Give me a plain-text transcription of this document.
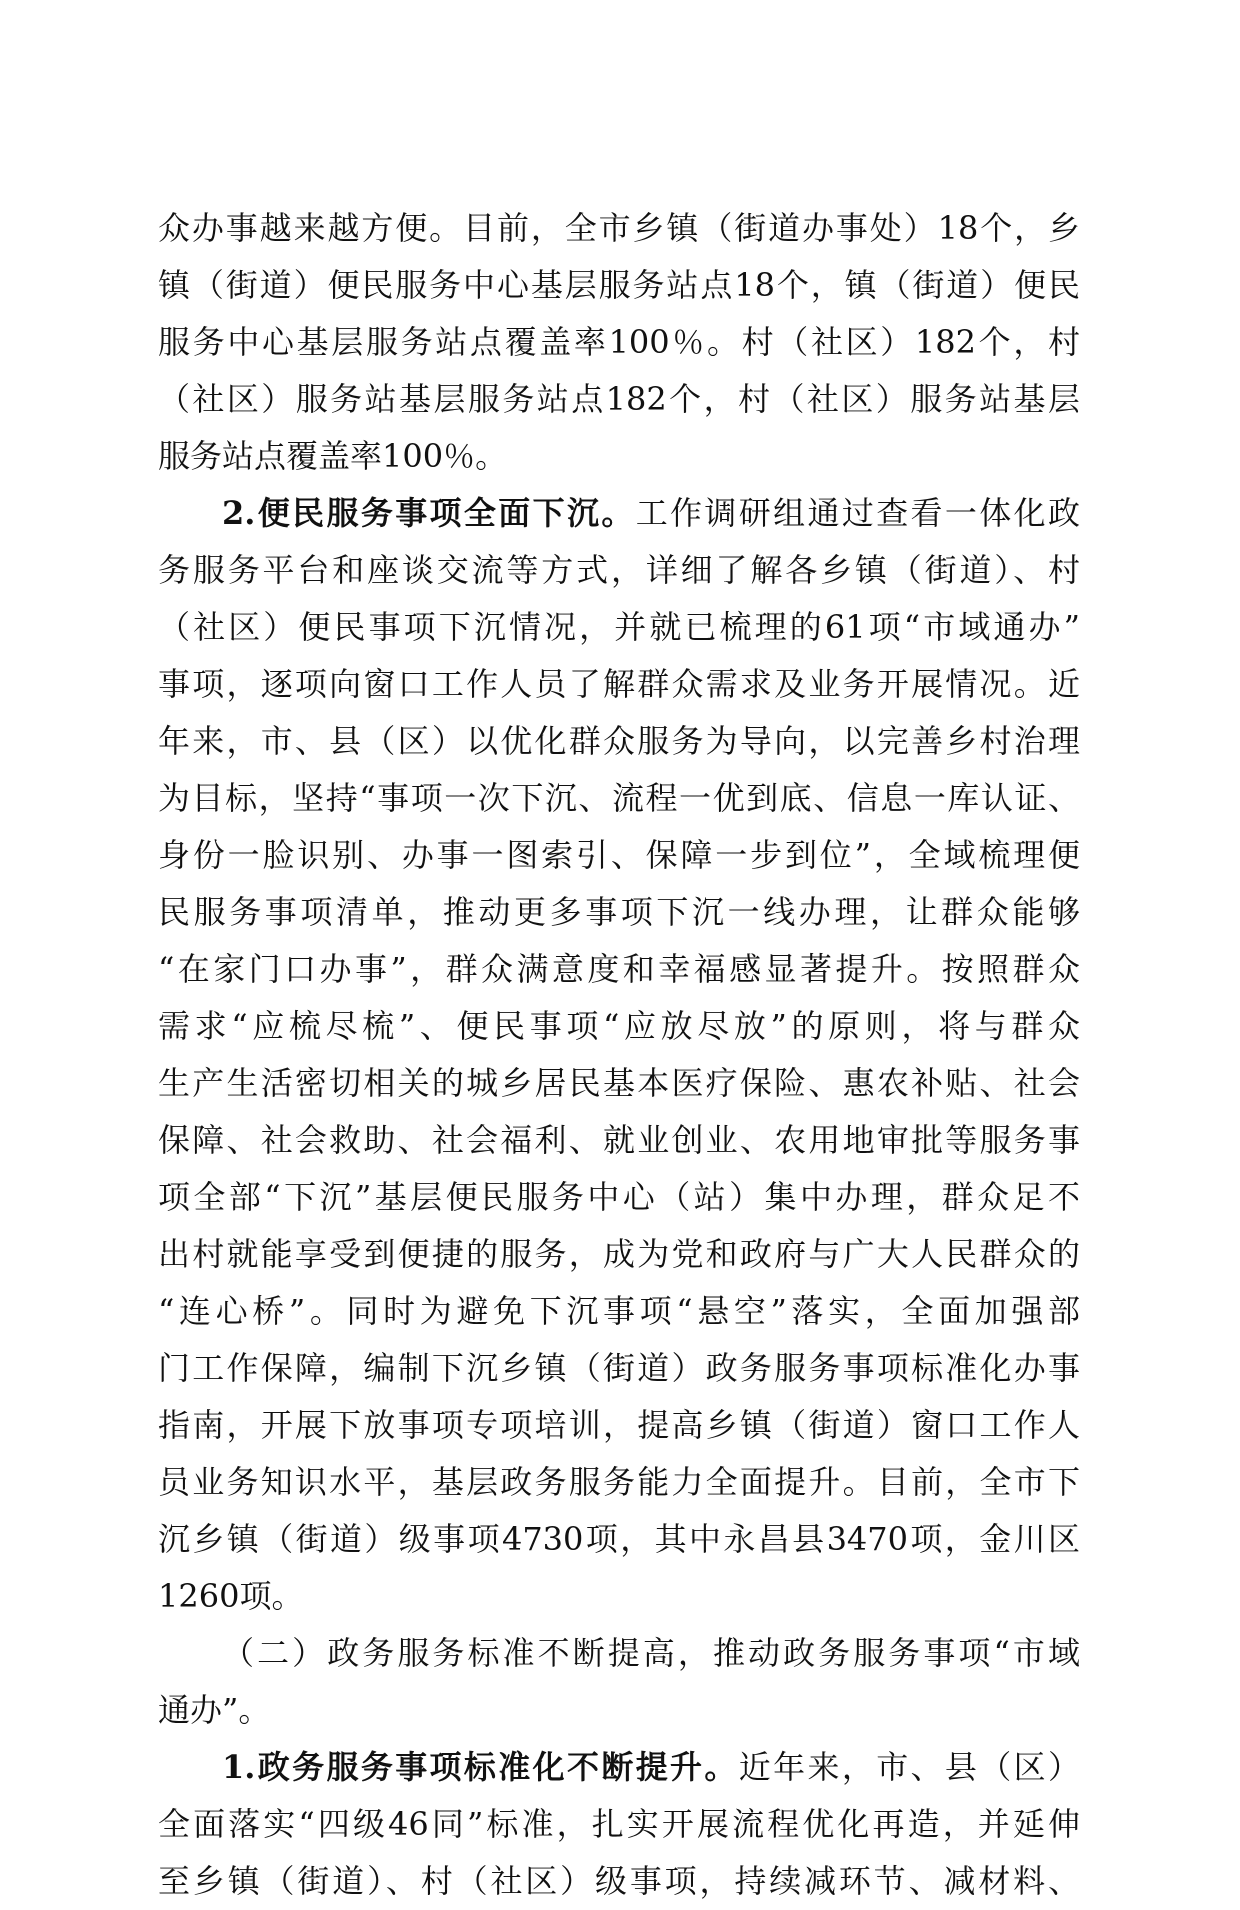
众办事越来越方便。目前，全市乡镇（街道办事处）18个，乡
镇（街道）便民服务中心基层服务站点18个，镇（街道）便民
服务中心基层服务站点覆盖率100％。村（社区）182个，村
（社区）服务站基层服务站点182个，村（社区）服务站基层
服务站点覆盖率100％。
2.便民服务事项全面下沉。工作调研组通过查看一体化政
务服务平台和座谈交流等方式，详细了解各乡镇（街道）、村
（社区）便民事项下沉情况，并就已梳理的61项“市域通办”
事项，逐项向窗口工作人员了解群众需求及业务开展情况。近
年来，市、县（区）以优化群众服务为导向，以完善乡村治理
为目标，坚持“事项一次下沉、流程一优到底、信息一库认证、
身份一脸识别、办事一图索引、保障一步到位”，全域梳理便
民服务事项清单，推动更多事项下沉一线办理，让群众能够
“在家门口办事”，群众满意度和幸福感显著提升。按照群众
需求“应梳尽梳”、便民事项“应放尽放”的原则，将与群众
生产生活密切相关的城乡居民基本医疗保险、惠农补贴、社会
保障、社会救助、社会福利、就业创业、农用地审批等服务事
项全部“下沉”基层便民服务中心（站）集中办理，群众足不
出村就能享受到便捷的服务，成为党和政府与广大人民群众的
“连心桥”。同时为避免下沉事项“悬空”落实，全面加强部
门工作保障，编制下沉乡镇（街道）政务服务事项标准化办事
指南，开展下放事项专项培训，提高乡镇（街道）窗口工作人
员业务知识水平，基层政务服务能力全面提升。目前，全市下
沉乡镇（街道）级事项4730项，其中永昌县3470项，金川区
1260项。
（二）政务服务标准不断提高，推动政务服务事项“市域
通办”。
1.政务服务事项标准化不断提升。近年来，市、县（区）
全面落实“四级46同”标准，扎实开展流程优化再造，并延伸
至乡镇（街道）、村（社区）级事项，持续减环节、减材料、
